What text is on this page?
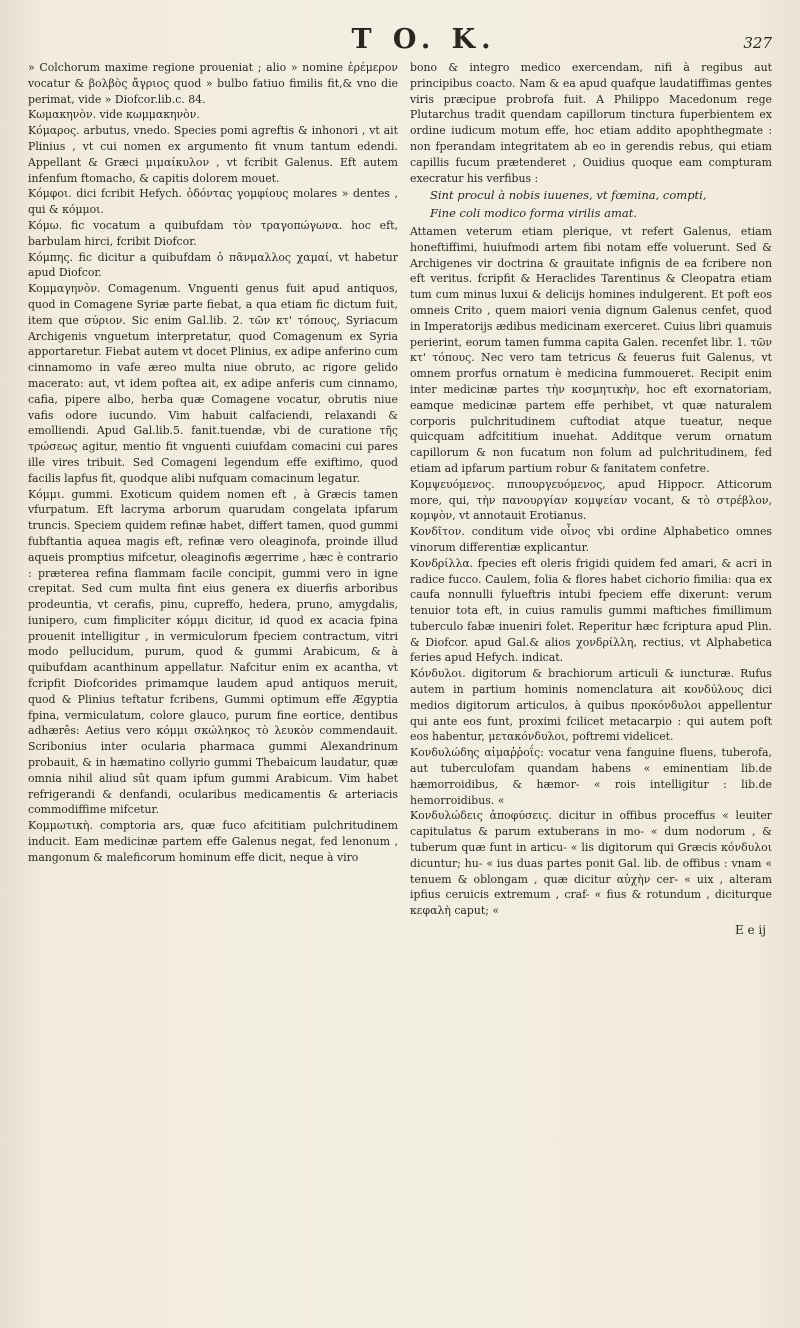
T O. K.	327

» Colchorum maxime regione proueniat ; alio » nomine ἐρέμερον vocatur & βολβὸς ἄγριος quod » bulbo fatiuo fimilis fit,& vno die perimat, vide » Diofcor.lib.c. 84.

Κωμακηνὸν. vide κωμμακηνὸν.

Κόμαρος. arbutus, vnedo. Species pomi agreftis & inhonori , vt ait Plinius , vt cui nomen ex argumento fit vnum tantum edendi. Appellant & Græci μιμαίκυλον , vt fcribit Galenus. Eft autem infenfum ftomacho, & capitis dolorem mouet.

Κόμφοι. dici fcribit Hefych. ὀδόντας γομφίους molares » dentes , qui & κόμμοι.

Κόμω. fic vocatum a quibufdam τὸν τραγοπώγωνα. hoc eft, barbulam hirci, fcribit Diofcor.

Κόμπης. fic dicitur a quibufdam ὁ πᾶνμαλλος χαμαί, vt habetur apud Diofcor.

Κομμαγηνὸν. Comagenum. Vnguenti genus fuit apud antiquos, quod in Comagene Syriæ parte fiebat, a qua etiam fic dictum fuit, item que σύριον. Sic enim Gal.lib. 2. τῶν κτ' τόπους, Syriacum Archigenis vnguetum interpretatur, quod Comagenum ex Syria apportaretur. Fiebat autem vt docet Plinius, ex adipe anferino cum cinnamomo in vafe æreo multa niue obruto, ac rigore gelido macerato: aut, vt idem poftea ait, ex adipe anferis cum cinnamo, cafia, pipere albo, herba quæ Comagene vocatur, obrutis niue vafis odore iucundo. Vim habuit calfaciendi, relaxandi & emolliendi. Apud Gal.lib.5. fanit.tuendæ, vbi de curatione τῆς τρώσεως agitur, mentio fit vnguenti cuiufdam comacini cui pares ille vires tribuit. Sed Comageni legendum effe exiftimo, quod facilis lapfus fit, quodque alibi nufquam comacinum legatur.

Κόμμι. gummi. Exoticum quidem nomen eft , à Græcis tamen vfurpatum. Eft lacryma arborum quarudam congelata ipfarum truncis. Speciem quidem refinæ habet, differt tamen, quod gummi fubftantia aquea magis eft, refinæ vero oleaginofa, proinde illud aqueis promptius mifcetur, oleaginofis ægerrime , hæc è contrario : præterea refina flammam facile concipit, gummi vero in igne crepitat. Sed cum multa fint eius genera ex diuerfis arboribus prodeuntia, vt cerafis, pinu, cupreffo, hedera, pruno, amygdalis, iunipero, cum fimpliciter κόμμι dicitur, id quod ex acacia fpina prouenit intelligitur , in vermiculorum fpeciem contractum, vitri modo pellucidum, purum, quod & gummi Arabicum, & à quibufdam acanthinum appellatur. Nafcitur enim ex acantha, vt fcripfit Diofcorides primamque laudem apud antiquos meruit, quod & Plinius teftatur fcribens, Gummi optimum effe Ægyptia fpina, vermiculatum, colore glauco, purum fine eortice, dentibus adhærês: Aetius vero κόμμι σκώληκος τὸ λευκὸν commendauit. Scribonius inter ocularia pharmaca gummi Alexandrinum probauit, & in hæmatino collyrio gummi Thebaicum laudatur, quæ omnia nihil aliud sût quam ipfum gummi Arabicum. Vim habet refrigerandi & denfandi, ocularibus medicamentis & arteriacis commodiffime mifcetur.

Κομμωτικὴ. comptoria ars, quæ fuco afcititiam pulchritudinem inducit. Eam medicinæ partem effe Galenus negat, fed lenonum , mangonum & maleficorum hominum effe dicit, neque à viro

bono & integro medico exercendam, nifi à regibus aut principibus coacto. Nam & ea apud quafque laudatiffimas gentes viris præcipue probrofa fuit. A Philippo Macedonum rege Plutarchus tradit quendam capillorum tinctura fuperbientem ex ordine iudicum motum effe, hoc etiam addito apophthegmate : non fperandam integritatem ab eo in gerendis rebus, qui etiam capillis fucum prætenderet , Ouidius quoque eam compturam execratur his verfibus :

Sint procul à nobis iuuenes, vt fœmina, compti,
Fine coli modico forma virilis amat.

Attamen veterum etiam plerique, vt refert Galenus, etiam honeftiffimi, huiufmodi artem fibi notam effe voluerunt. Sed & Archigenes vir doctrina & grauitate infignis de ea fcribere non eft veritus. fcripfit & Heraclides Tarentinus & Cleopatra etiam tum cum minus luxui & delicijs homines indulgerent. Et poft eos omneis Crito , quem maiori venia dignum Galenus cenfet, quod in Imperatorijs ædibus medicinam exerceret. Cuius libri quamuis perierint, eorum tamen fumma capita Galen. recenfet libr. 1. τῶν κτ' τόπους. Nec vero tam tetricus & feuerus fuit Galenus, vt omnem prorfus ornatum è medicina fummoueret. Recipit enim inter medicinæ partes τὴν κοσμητικὴν, hoc eft exornatoriam, eamque medicinæ partem effe perhibet, vt quæ naturalem corporis pulchritudinem cuftodiat atque tueatur, neque quicquam adfcititium inuehat. Additque verum ornatum capillorum & non fucatum non folum ad pulchritudinem, fed etiam ad ipfarum partium robur & fanitatem confetre.

Κομψευόμενος. πιπουργευόμενος, apud Hippocr. Atticorum more, qui, τὴν πανουργίαν κομψείαν vocant, & τὸ στρέβλον, κομψὸν, vt annotauit Erotianus.

Κονδῖτον. conditum vide οἶνος vbi ordine Alphabetico omnes vinorum differentiæ explicantur.

Κονδρίλλα. fpecies eft oleris frigidi quidem fed amari, & acri in radice fucco. Caulem, folia & flores habet cichorio fimilia: qua ex caufa nonnulli fylueftris intubi fpeciem effe dixerunt: verum tenuior tota eft, in cuius ramulis gummi maftiches fimillimum tuberculo fabæ inueniri folet. Reperitur hæc fcriptura apud Plin. & Diofcor. apud Gal.& alios χονδρίλλη, rectius, vt Alphabetica feries apud Hefych. indicat.

Κόνδυλοι. digitorum & brachiorum articuli & iuncturæ. Rufus autem in partium hominis nomenclatura ait κονδύλους dici medios digitorum articulos, à quibus προκόνδυλοι appellentur qui ante eos funt, proximi fcilicet metacarpio : qui autem poft eos habentur, μετακόνδυλοι, poftremi videlicet.

Κονδυλώδης αἱμαῤῥοΐς: vocatur vena fanguine fluens, tuberofa, aut tuberculofam quandam habens « eminentiam lib.de hæmorroidibus, & hæmor- « rois intelligitur : lib.de hemorroidibus. «

Κονδυλώδεις ἀποφύσεις. dicitur in offibus proceffus « leuiter capitulatus & parum extuberans in mo- « dum nodorum , & tuberum quæ funt in articu- « lis digitorum qui Græcis κόνδυλοι dicuntur; hu- « ius duas partes ponit Gal. lib. de offibus : vnam « tenuem & oblongam , quæ dicitur αὐχὴν cer- « uix , alteram ipfius ceruicis extremum , craf- « fius & rotundum , diciturque κεφαλὴ caput; «

E e ij
